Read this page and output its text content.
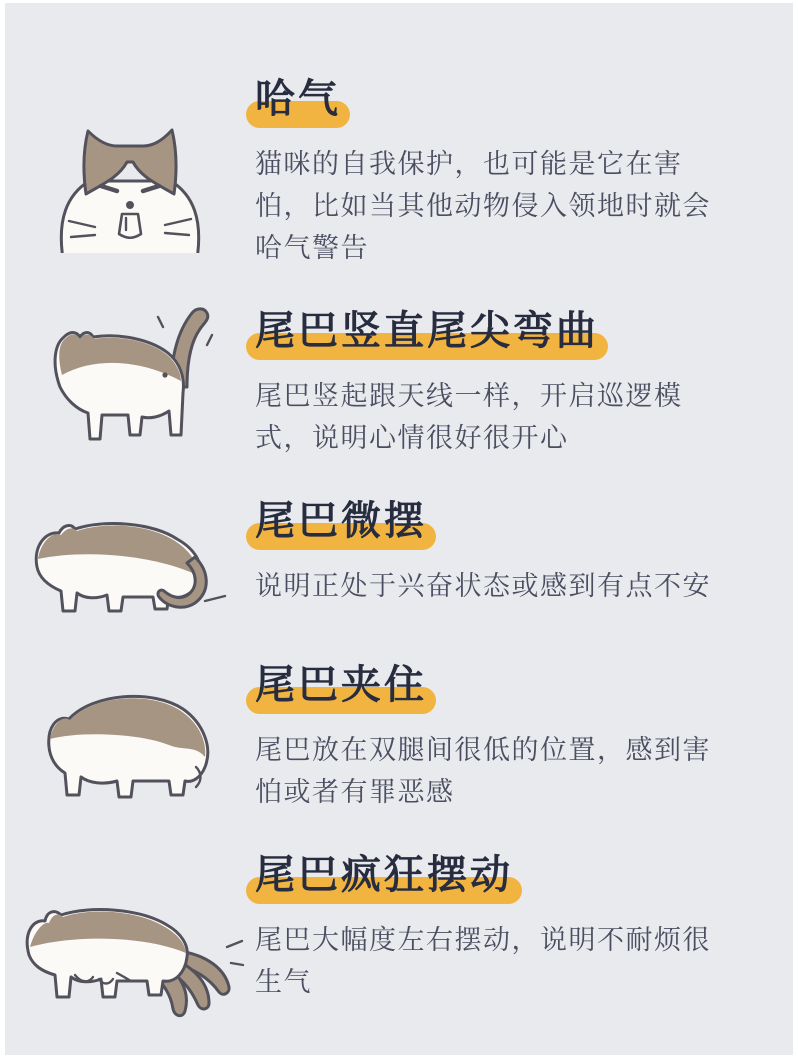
哈气

猫咪的自我保护，也可能是它在害怕，比如当其他动物侵入领地时就会哈气警告

尾巴竖直尾尖弯曲

尾巴竖起跟天线一样，开启巡逻模式，说明心情很好很开心

尾巴微摆

说明正处于兴奋状态或感到有点不安

尾巴夹住

尾巴放在双腿间很低的位置，感到害怕或者有罪恶感

尾巴疯狂摆动

尾巴大幅度左右摆动，说明不耐烦很生气
